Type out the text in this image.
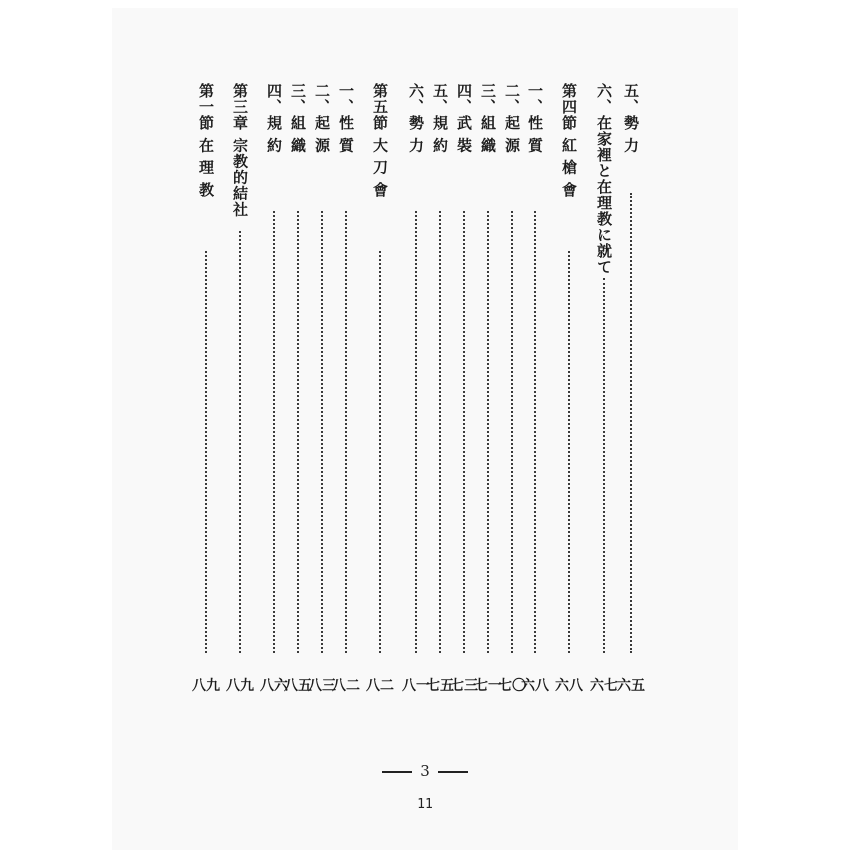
五、勢 力
六五
六、在家裡と在理教に就て
六七
第四節 紅 槍 會
六八
一、性 質
六八
二、起 源
七〇
三、組 織
七一
四、武 裝
七三
五、規 約
七五
六、勢 力
八一
第五節 大 刀 會
八二
一、性 質
八二
二、起 源
八三
三、組 織
八五
四、規 約
八六
第三章 宗教的結社
八九
第一節 在 理 教
八九
3
11
